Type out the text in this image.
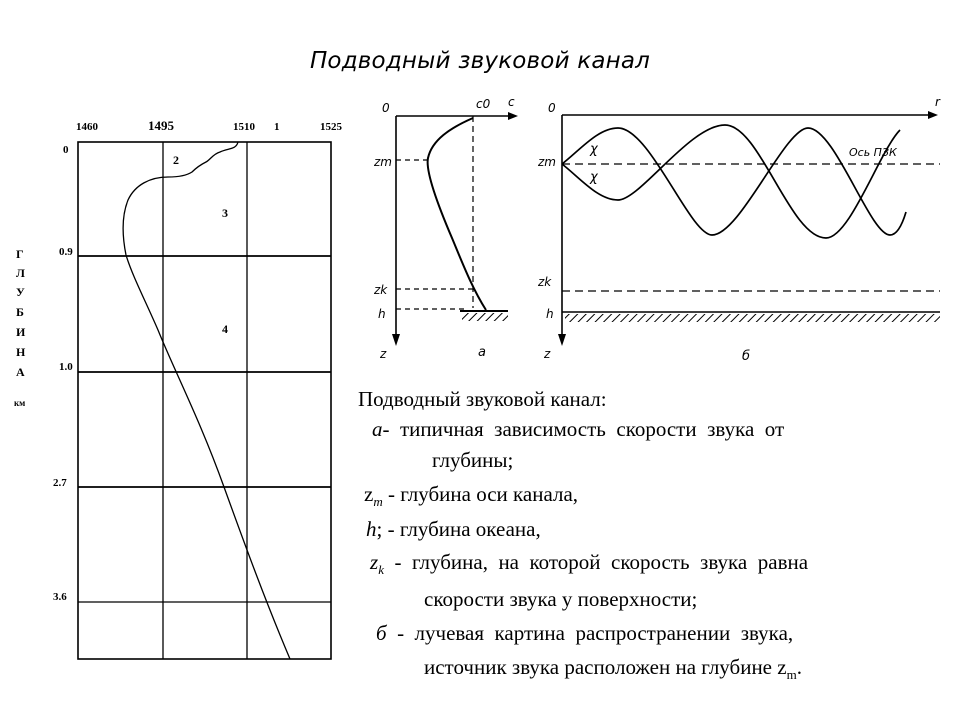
Подводный звуковой канал
1460	1495	1510 1	1525
0
0.9
1.0
2.7
3.6
2
3
4
Г
Л
У
Б
И
Н
А
км
0	c0 c
zm
zk
h
z	a
0	r
zm
zk
h
z
χ
χ
Ось ПЗК
б
Подводный звуковой канал:
a-  типичная  зависимость  скорости  звука  от
глубины;
$z_m$ - глубина оси канала,
h; - глубина океана,
$z_k$  -  глубина,  на  которой  скорость  звука  равна
скорости звука у поверхности;
б  -  лучевая  картина  распространении  звука,
источник звука расположен на глубине $z_m$.
